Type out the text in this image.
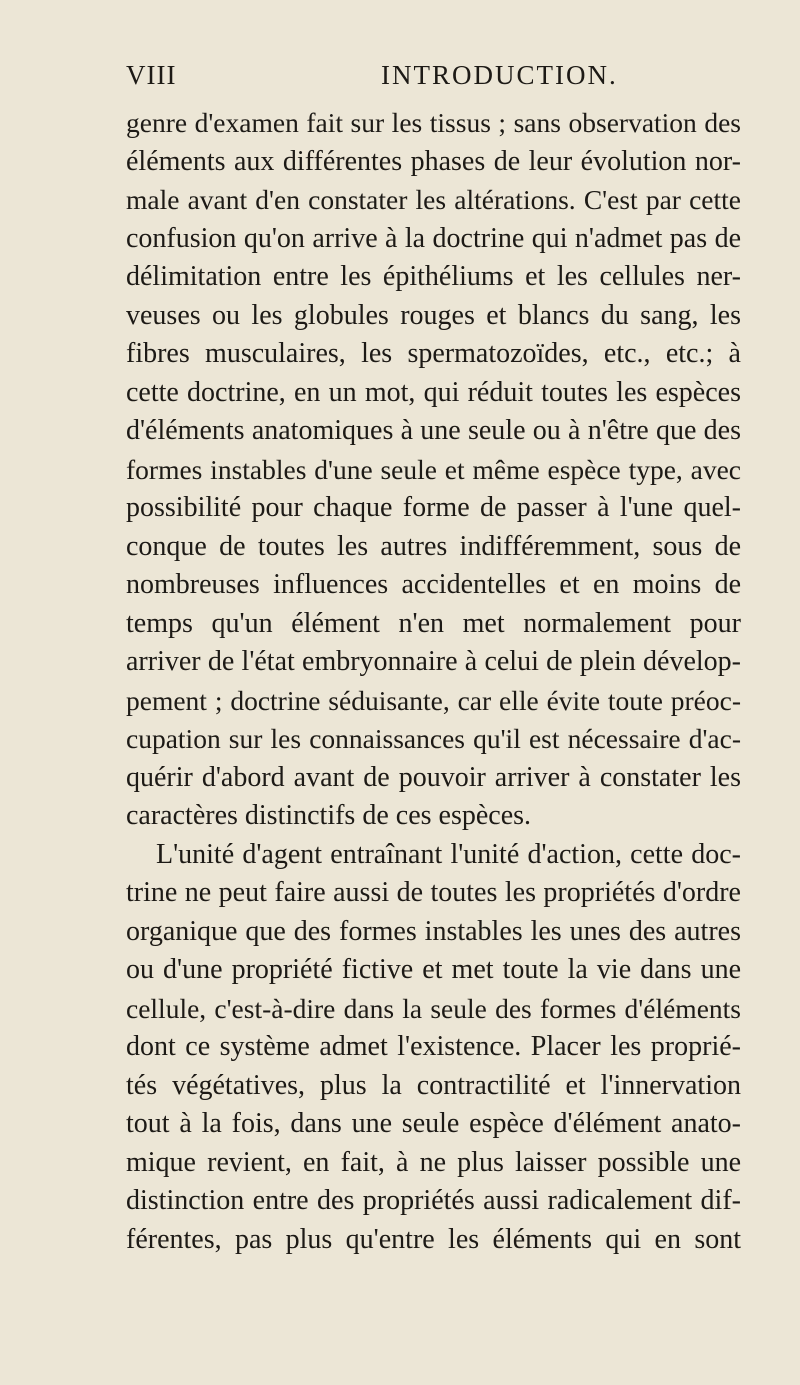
VIII	INTRODUCTION.
genre d'examen fait sur les tissus ; sans observation des
éléments aux différentes phases de leur évolution nor-
male avant d'en constater les altérations. C'est par cette
confusion qu'on arrive à la doctrine qui n'admet pas de
délimitation entre les épithéliums et les cellules ner-
veuses ou les globules rouges et blancs du sang, les
fibres musculaires, les spermatozoïdes, etc., etc.; à
cette doctrine, en un mot, qui réduit toutes les espèces
d'éléments anatomiques à une seule ou à n'être que des
formes instables d'une seule et même espèce type, avec
possibilité pour chaque forme de passer à l'une quel-
conque de toutes les autres indifféremment, sous de
nombreuses influences accidentelles et en moins de
temps qu'un élément n'en met normalement pour
arriver de l'état embryonnaire à celui de plein dévelop-
pement ; doctrine séduisante, car elle évite toute préoc-
cupation sur les connaissances qu'il est nécessaire d'ac-
quérir d'abord avant de pouvoir arriver à constater les
caractères distinctifs de ces espèces.
L'unité d'agent entraînant l'unité d'action, cette doc-
trine ne peut faire aussi de toutes les propriétés d'ordre
organique que des formes instables les unes des autres
ou d'une propriété fictive et met toute la vie dans une
cellule, c'est-à-dire dans la seule des formes d'éléments
dont ce système admet l'existence. Placer les proprié-
tés végétatives, plus la contractilité et l'innervation
tout à la fois, dans une seule espèce d'élément anato-
mique revient, en fait, à ne plus laisser possible une
distinction entre des propriétés aussi radicalement dif-
férentes, pas plus qu'entre les éléments qui en sont
